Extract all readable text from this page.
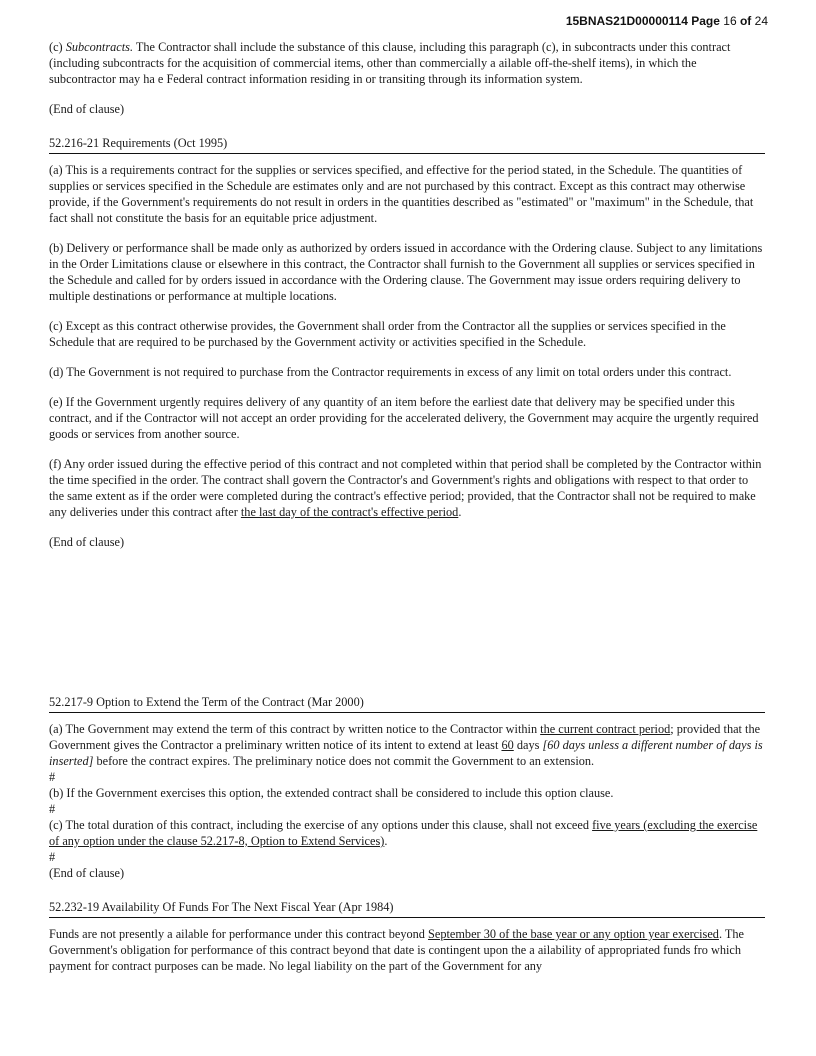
15BNAS21D00000114 Page 16 of 24

(c) Subcontracts. The Contractor shall include the substance of this clause, including this paragraph (c), in subcontracts under this contract (including subcontracts for the acquisition of commercial items, other than commercially a ailable off-the-shelf items), in which the subcontractor may ha e Federal contract information residing in or transiting through its information system.

(End of clause)

52.216-21 Requirements (Oct 1995)

(a) This is a requirements contract for the supplies or services specified, and effective for the period stated, in the Schedule. The quantities of supplies or services specified in the Schedule are estimates only and are not purchased by this contract. Except as this contract may otherwise provide, if the Government's requirements do not result in orders in the quantities described as "estimated" or "maximum" in the Schedule, that fact shall not constitute the basis for an equitable price adjustment.

(b) Delivery or performance shall be made only as authorized by orders issued in accordance with the Ordering clause. Subject to any limitations in the Order Limitations clause or elsewhere in this contract, the Contractor shall furnish to the Government all supplies or services specified in the Schedule and called for by orders issued in accordance with the Ordering clause. The Government may issue orders requiring delivery to multiple destinations or performance at multiple locations.

(c) Except as this contract otherwise provides, the Government shall order from the Contractor all the supplies or services specified in the Schedule that are required to be purchased by the Government activity or activities specified in the Schedule.

(d) The Government is not required to purchase from the Contractor requirements in excess of any limit on total orders under this contract.

(e) If the Government urgently requires delivery of any quantity of an item before the earliest date that delivery may be specified under this contract, and if the Contractor will not accept an order providing for the accelerated delivery, the Government may acquire the urgently required goods or services from another source.

(f) Any order issued during the effective period of this contract and not completed within that period shall be completed by the Contractor within the time specified in the order. The contract shall govern the Contractor's and Government's rights and obligations with respect to that order to the same extent as if the order were completed during the contract's effective period; provided, that the Contractor shall not be required to make any deliveries under this contract after the last day of the contract's effective period.

(End of clause)

52.217-9 Option to Extend the Term of the Contract (Mar 2000)

(a) The Government may extend the term of this contract by written notice to the Contractor within the current contract period; provided that the Government gives the Contractor a preliminary written notice of its intent to extend at least 60 days [60 days unless a different number of days is inserted] before the contract expires. The preliminary notice does not commit the Government to an extension.

#

(b) If the Government exercises this option, the extended contract shall be considered to include this option clause.

#

(c) The total duration of this contract, including the exercise of any options under this clause, shall not exceed five years (excluding the exercise of any option under the clause 52.217-8, Option to Extend Services).

#

(End of clause)

52.232-19 Availability Of Funds For The Next Fiscal Year (Apr 1984)

Funds are not presently a ailable for performance under this contract beyond September 30 of the base year or any option year exercised. The Government's obligation for performance of this contract beyond that date is contingent upon the a ailability of appropriated funds fro which payment for contract purposes can be made. No legal liability on the part of the Government for any
